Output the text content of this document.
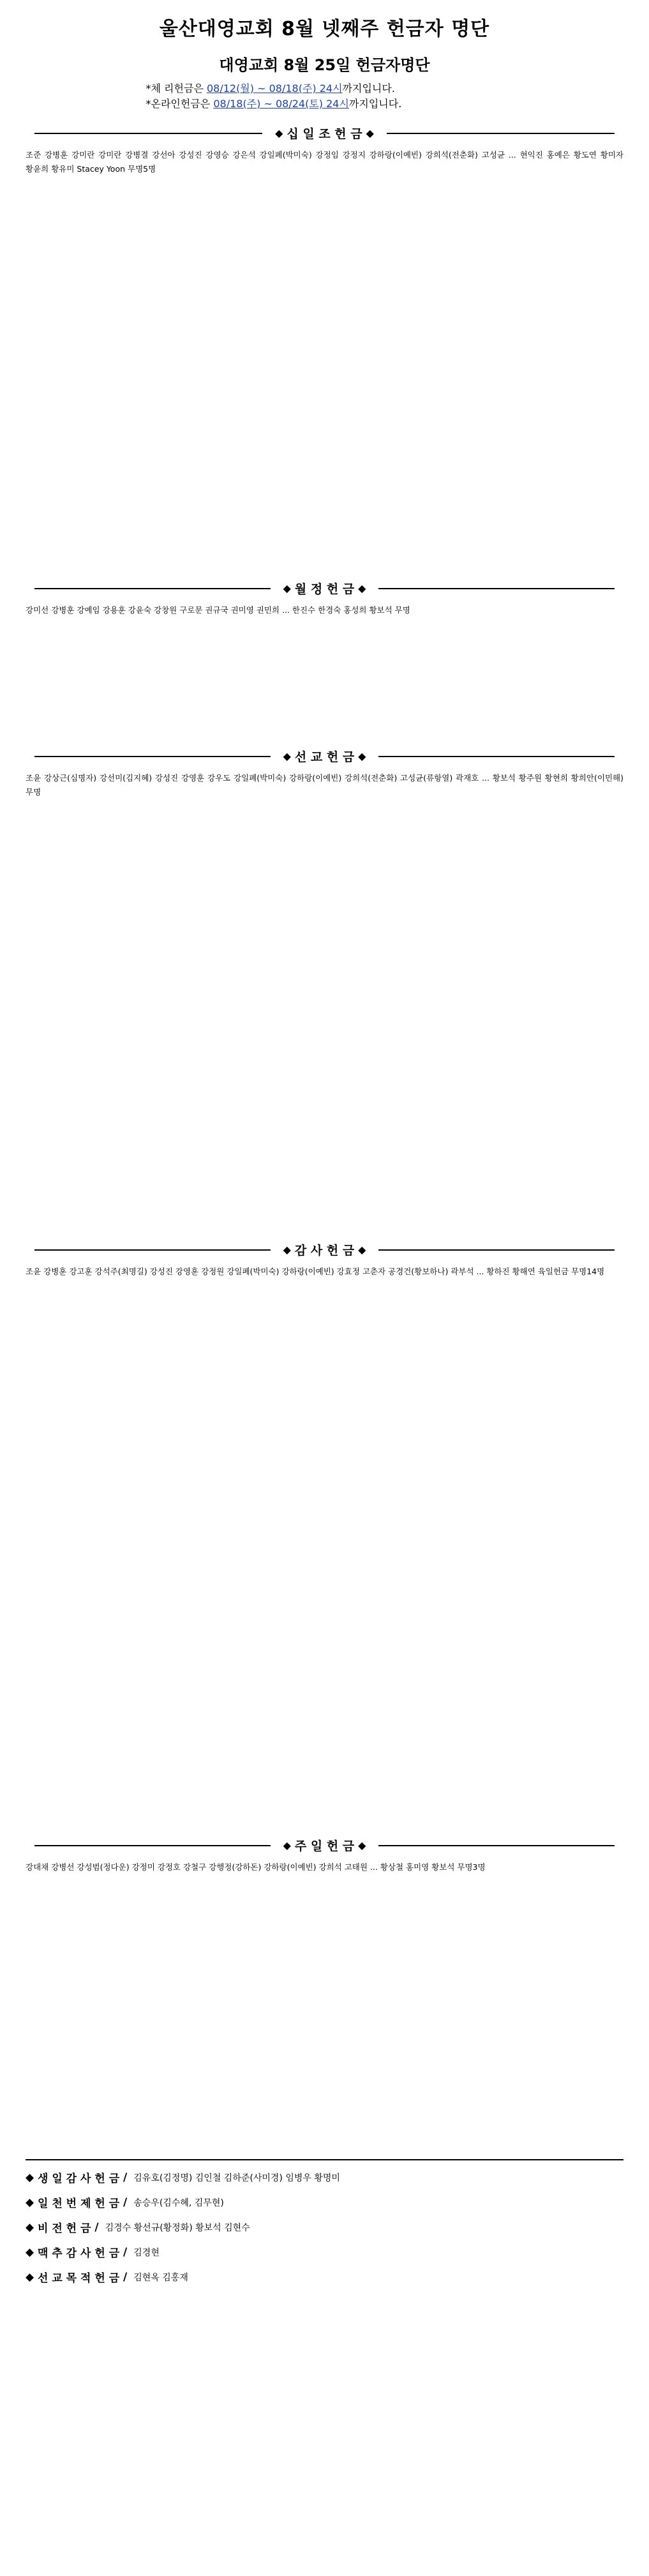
울산대영교회 8월 넷째주 헌금자 명단
대영교회 8월 25일 헌금자명단
*체 리헌금은 08/12(월) ~ 08/18(주) 24시까지입니다.
*온라인헌금은 08/18(주) ~ 08/24(토) 24시까지입니다.
◆ 십 일 조 헌 금 ◆
조준 강병훈 강미란 강미란 강병결 강선아 강성진 강영승 강은석 강일폐(박미숙) 강정임 강정지 강하랑(이예빈) 강희석(전춘화) 고성균 ... 현익진 홍예은 황도연 황미자 황윤희 황유미 Stacey Yoon 무명5명
◆ 월 정 헌 금 ◆
강미선 강병훈 강예임 강용훈 강윤숙 강창원 구로문 권규국 권미영 권민희 ... 한진수 한경숙 홍성희 황보석 무명
◆ 선 교 헌 금 ◆
조윤 강상근(심명자) 강선미(김지혜) 강성진 강영훈 강우도 강일폐(박미숙) 강하랑(이예빈) 강희석(전춘화) 고성균(류항열) 곽재호 ... 황보석 황주원 황현희 황희안(이민해) 무명
◆ 감 사 헌 금 ◆
조윤 강병훈 강고훈 강석주(최명길) 강성진 강영훈 강정원 강일폐(박미숙) 강하랑(이예빈) 강효정 고춘자 공경건(황보하나) 곽부석 ... 황하진 황해연 육일헌금 무명14명
◆ 주 일 헌 금 ◆
강대채 강병선 강성범(정다운) 강정미 강정호 강철구 강행정(강하돈) 강하랑(이예빈) 강희석 고태원 ... 황상철 홍미영 황보석 무명3명
◆ 생 일 감 사 헌 금 / 김유호(김정명) 김인철 김하준(사미경) 임병우 황명미
◆ 일 천 번 제 헌 금 / 송승우(김수혜, 김무현)
◆ 비 전 헌 금 / 김경수 황선규(황정화) 황보석 김현수
◆ 맥 추 감 사 헌 금 / 김경현
◆ 선 교 목 적 헌 금 / 김현옥 김홍재
